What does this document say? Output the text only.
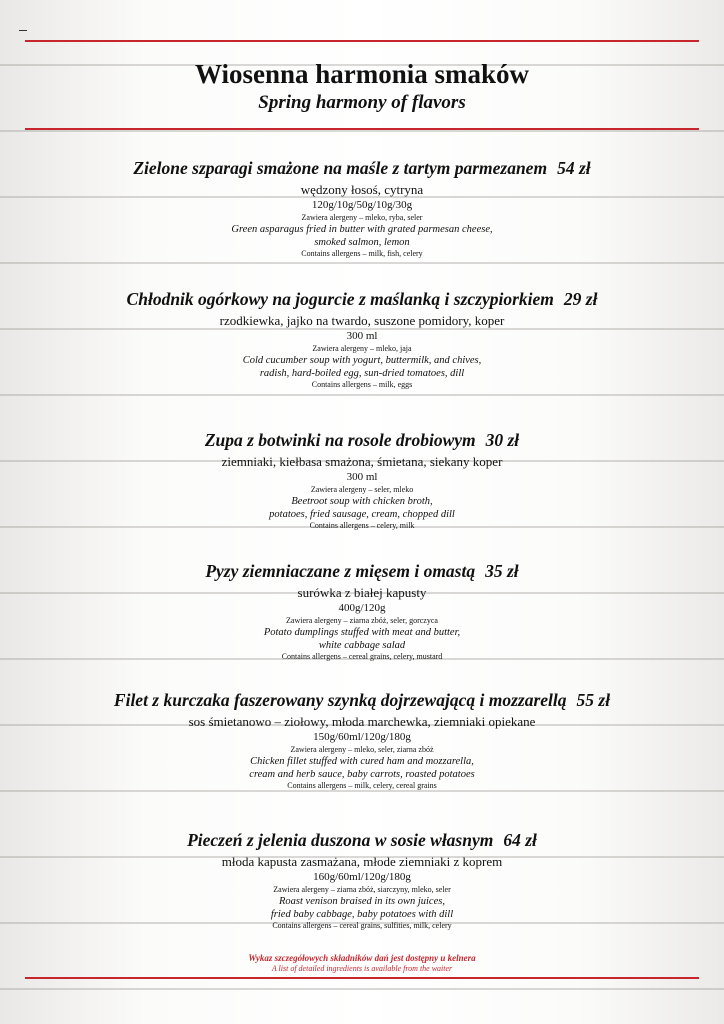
Wiosenna harmonia smaków
Spring harmony of flavors
Zielone szparagi smażone na maśle z tartym parmezanem 54 zł
wędzony łosoś, cytryna
120g/10g/50g/10g/30g
Zawiera alergeny – mleko, ryba, seler
Green asparagus fried in butter with grated parmesan cheese,
smoked salmon, lemon
Contains allergens – milk, fish, celery
Chłodnik ogórkowy na jogurcie z maślanką i szczypiorkiem 29 zł
rzodkiewka, jajko na twardo, suszone pomidory, koper
300 ml
Zawiera alergeny – mleko, jaja
Cold cucumber soup with yogurt, buttermilk, and chives,
radish, hard-boiled egg, sun-dried tomatoes, dill
Contains allergens – milk, eggs
Zupa z botwinki na rosole drobiowym 30 zł
ziemniaki, kiełbasa smażona, śmietana, siekany koper
300 ml
Zawiera alergeny – seler, mleko
Beetroot soup with chicken broth,
potatoes, fried sausage, cream, chopped dill
Contains allergens – celery, milk
Pyzy ziemniaczane z mięsem i omastą 35 zł
surówka z białej kapusty
400g/120g
Zawiera alergeny – ziarna zbóż, seler, gorczyca
Potato dumplings stuffed with meat and butter,
white cabbage salad
Contains allergens – cereal grains, celery, mustard
Filet z kurczaka faszerowany szynką dojrzewającą i mozzarellą 55 zł
sos śmietanowo – ziołowy, młoda marchewka, ziemniaki opiekane
150g/60ml/120g/180g
Zawiera alergeny – mleko, seler, ziarna zbóż
Chicken fillet stuffed with cured ham and mozzarella,
cream and herb sauce, baby carrots, roasted potatoes
Contains allergens – milk, celery, cereal grains
Pieczeń z jelenia duszona w sosie własnym 64 zł
młoda kapusta zasmażana, młode ziemniaki z koprem
160g/60ml/120g/180g
Zawiera alergeny – ziarna zbóż, siarczyny, mleko, seler
Roast venison braised in its own juices,
fried baby cabbage, baby potatoes with dill
Contains allergens – cereal grains, sulfities, milk, celery
Wykaz szczegółowych składników dań jest dostępny u kelnera
A list of detailed ingredients is available from the waiter
